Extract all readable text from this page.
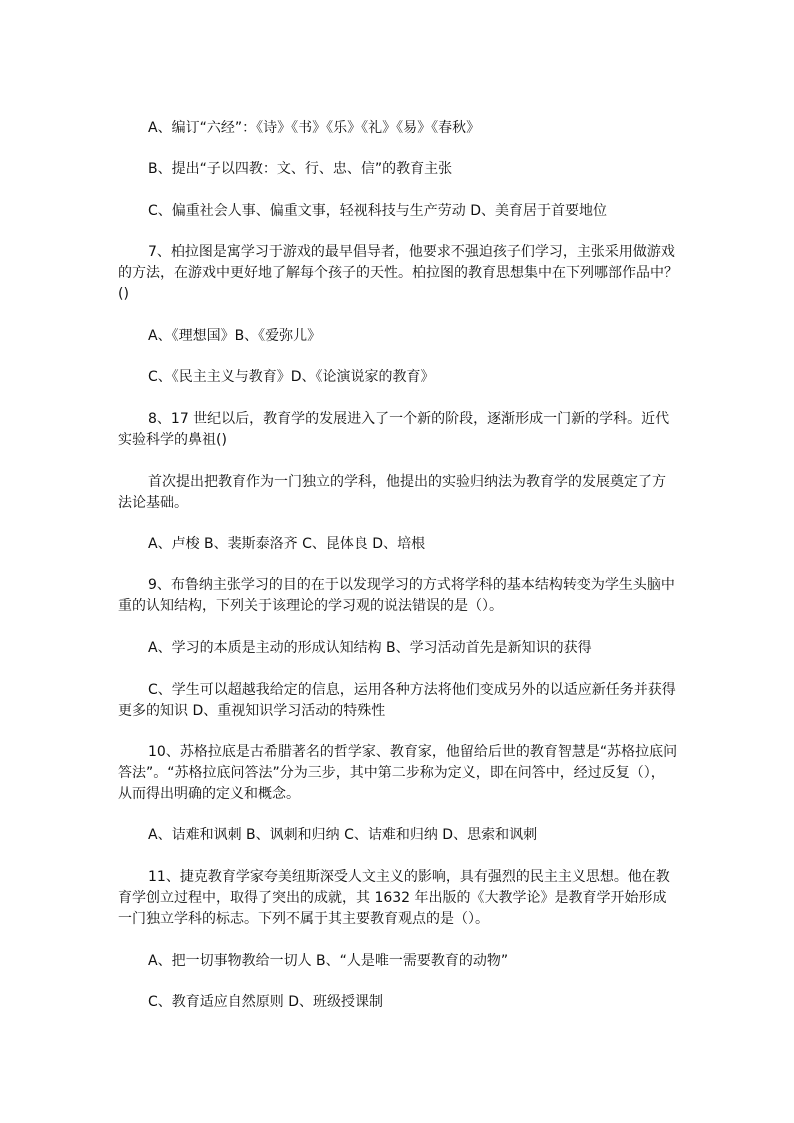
A、编订“六经”：《诗》《书》《乐》《礼》《易》《春秋》

B、提出“子以四教：文、行、忠、信”的教育主张

C、偏重社会人事、偏重文事，轻视科技与生产劳动 D、美育居于首要地位

7、柏拉图是寓学习于游戏的最早倡导者，他要求不强迫孩子们学习，主张采用做游戏的方法，在游戏中更好地了解每个孩子的天性。柏拉图的教育思想集中在下列哪部作品中？()

A、《理想国》B、《爱弥儿》

C、《民主主义与教育》D、《论演说家的教育》

8、17 世纪以后，教育学的发展进入了一个新的阶段，逐渐形成一门新的学科。近代实验科学的鼻祖()

首次提出把教育作为一门独立的学科，他提出的实验归纳法为教育学的发展奠定了方法论基础。

A、卢梭 B、裴斯泰洛齐 C、昆体良 D、培根

9、布鲁纳主张学习的目的在于以发现学习的方式将学科的基本结构转变为学生头脑中重的认知结构，下列关于该理论的学习观的说法错误的是（）。

A、学习的本质是主动的形成认知结构 B、学习活动首先是新知识的获得

C、学生可以超越我给定的信息，运用各种方法将他们变成另外的以适应新任务并获得更多的知识 D、重视知识学习活动的特殊性

10、苏格拉底是古希腊著名的哲学家、教育家，他留给后世的教育智慧是“苏格拉底问答法”。“苏格拉底问答法”分为三步，其中第二步称为定义，即在问答中，经过反复（），从而得出明确的定义和概念。

A、诘难和讽刺 B、讽刺和归纳 C、诘难和归纳 D、思索和讽刺

11、捷克教育学家夸美纽斯深受人文主义的影响，具有强烈的民主主义思想。他在教育学创立过程中，取得了突出的成就，其 1632 年出版的《大教学论》是教育学开始形成一门独立学科的标志。下列不属于其主要教育观点的是（）。

A、把一切事物教给一切人 B、“人是唯一需要教育的动物”

C、教育适应自然原则 D、班级授课制
